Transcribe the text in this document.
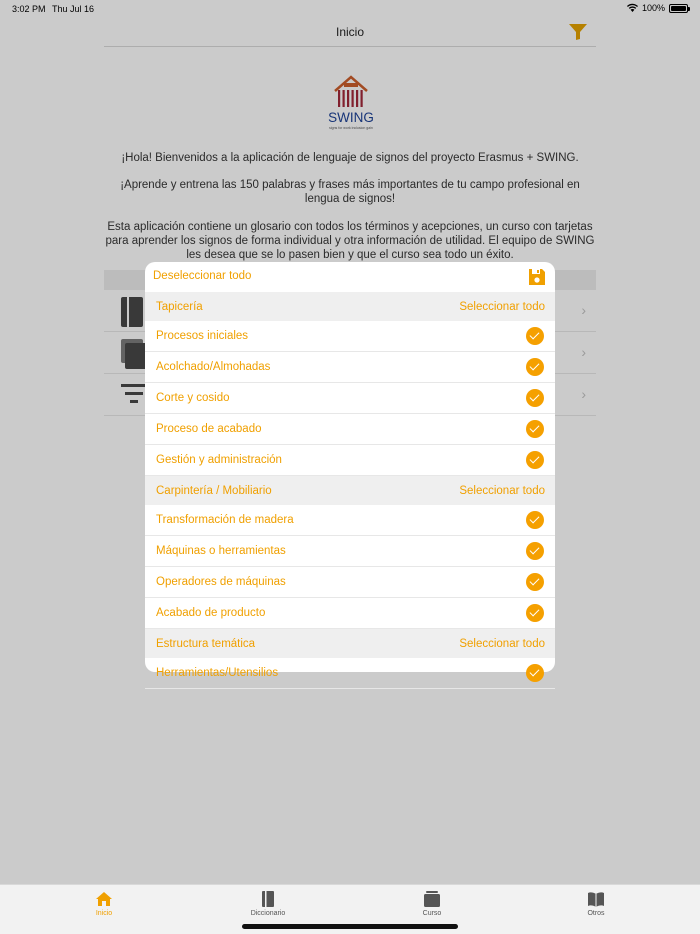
3:02 PM Thu Jul 16	100%
Inicio
SWING
signs for work inclusion gain

¡Hola! Bienvenidos a la aplicación de lenguaje de signos del proyecto Erasmus + SWING.

¡Aprende y entrena las 150 palabras y frases más importantes de tu campo profesional en lengua de signos!

Esta aplicación contiene un glosario con todos los términos y acepciones, un curso con tarjetas para aprender los signos de forma individual y otra información de utilidad. El equipo de SWING les desea que se lo pasen bien y que el curso sea todo un éxito.

›
›
›
Deseleccionar todo
Tapicería	Seleccionar todo
Procesos iniciales
Acolchado/Almohadas
Corte y cosido
Proceso de acabado
Gestión y administración
Carpintería / Mobiliario	Seleccionar todo
Transformación de madera
Máquinas o herramientas
Operadores de máquinas
Acabado de producto
Estructura temática	Seleccionar todo
Herramientas/Utensilios
Inicio	Diccionario	Curso	Otros
